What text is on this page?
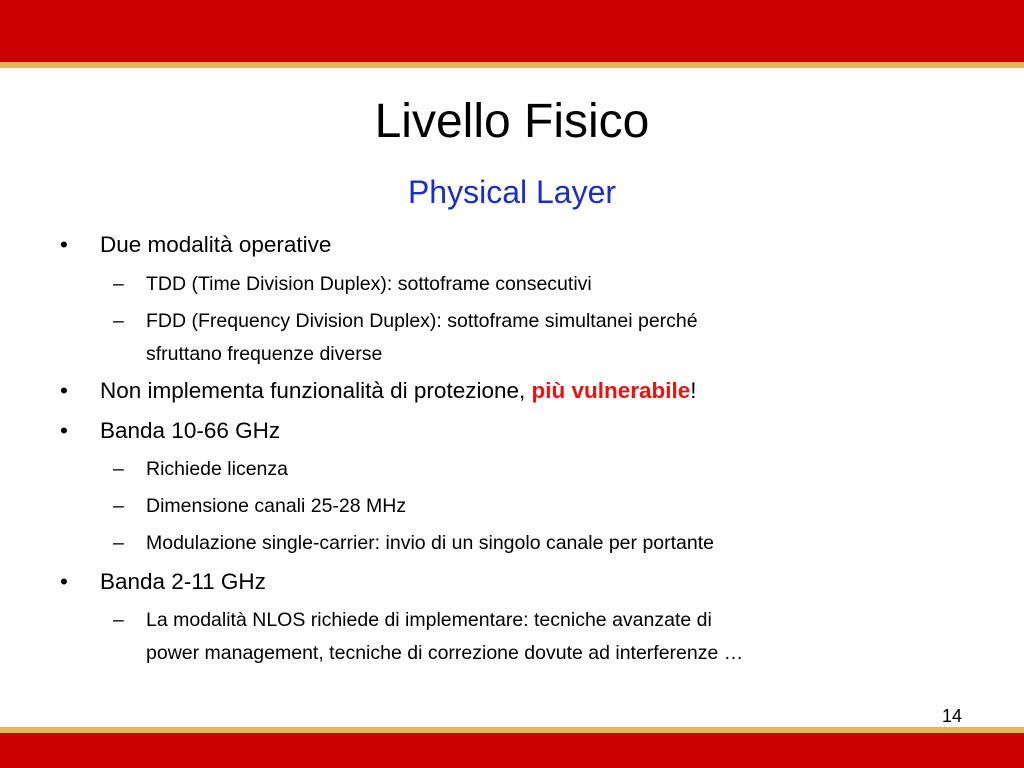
Livello Fisico
Physical Layer
• Due modalità operative
– TDD (Time Division Duplex): sottoframe consecutivi
– FDD (Frequency Division Duplex): sottoframe simultanei perché
sfruttano frequenze diverse
• Non implementa funzionalità di protezione, più vulnerabile!
• Banda 10-66 GHz
– Richiede licenza
– Dimensione canali 25-28 MHz
– Modulazione single-carrier: invio di un singolo canale per portante
• Banda 2-11 GHz
– La modalità NLOS richiede di implementare: tecniche avanzate di
power management, tecniche di correzione dovute ad interferenze …
14
